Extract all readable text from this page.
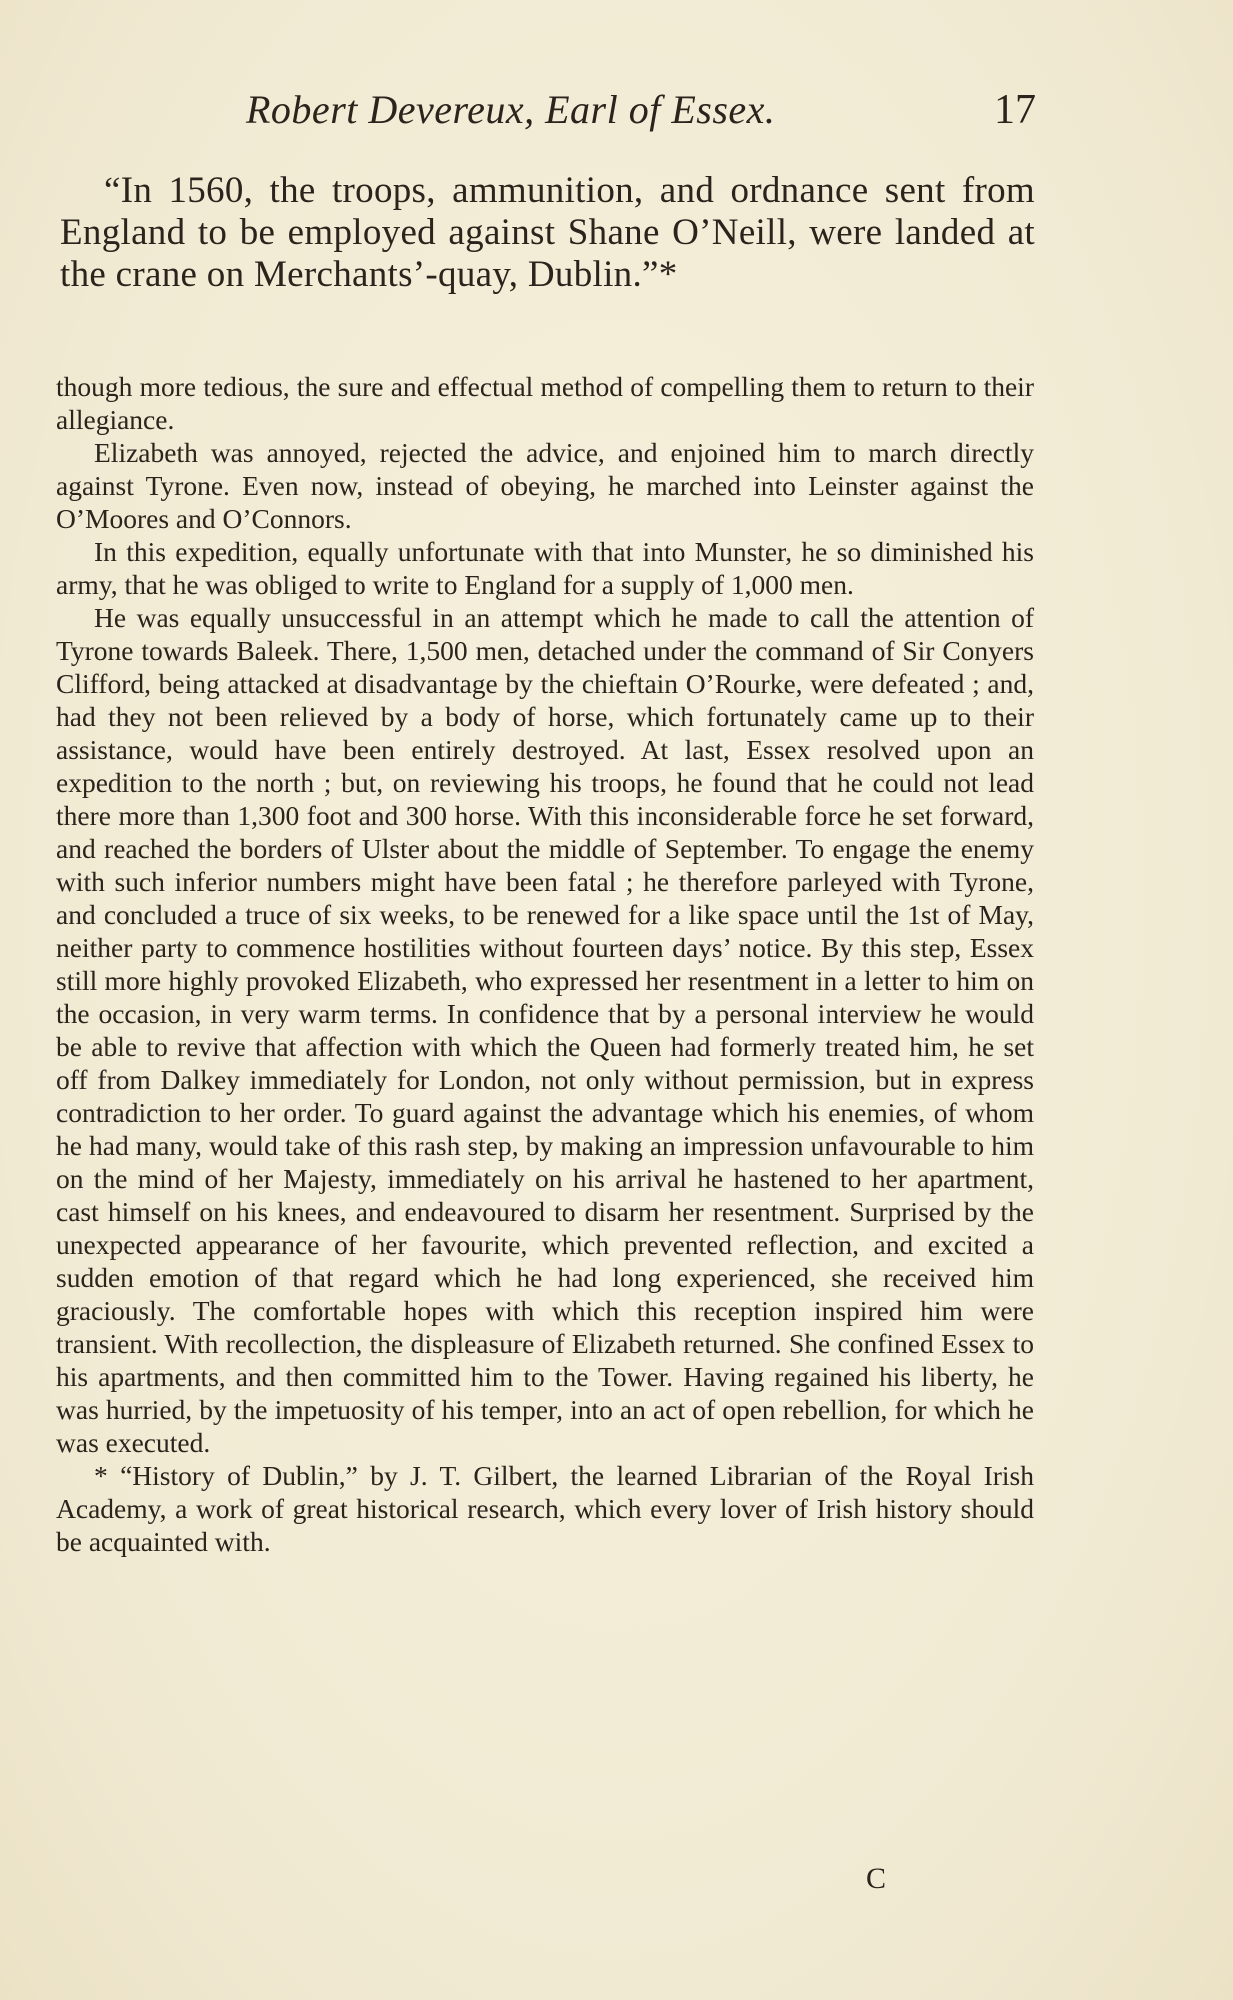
Robert Devereux, Earl of Essex.	17

“In 1560, the troops, ammunition, and ordnance sent from England to be employed against Shane O’Neill, were landed at the crane on Merchants’-quay, Dublin.”*

though more tedious, the sure and effectual method of compelling them to return to their allegiance.

Elizabeth was annoyed, rejected the advice, and enjoined him to march directly against Tyrone. Even now, instead of obeying, he marched into Leinster against the O’Moores and O’Connors.

In this expedition, equally unfortunate with that into Munster, he so diminished his army, that he was obliged to write to England for a supply of 1,000 men.

He was equally unsuccessful in an attempt which he made to call the attention of Tyrone towards Baleek. There, 1,500 men, detached under the command of Sir Conyers Clifford, being attacked at disadvantage by the chieftain O’Rourke, were defeated ; and, had they not been relieved by a body of horse, which fortunately came up to their assistance, would have been entirely destroyed. At last, Essex resolved upon an expedition to the north ; but, on reviewing his troops, he found that he could not lead there more than 1,300 foot and 300 horse. With this inconsiderable force he set forward, and reached the borders of Ulster about the middle of September. To engage the enemy with such inferior numbers might have been fatal ; he therefore parleyed with Tyrone, and concluded a truce of six weeks, to be renewed for a like space until the 1st of May, neither party to commence hostilities without fourteen days’ notice. By this step, Essex still more highly provoked Elizabeth, who expressed her resentment in a letter to him on the occasion, in very warm terms. In confidence that by a personal interview he would be able to revive that affection with which the Queen had formerly treated him, he set off from Dalkey immediately for London, not only without permission, but in express contradiction to her order. To guard against the advantage which his enemies, of whom he had many, would take of this rash step, by making an impression unfavourable to him on the mind of her Majesty, immediately on his arrival he hastened to her apartment, cast himself on his knees, and endeavoured to disarm her resentment. Surprised by the unexpected appearance of her favourite, which prevented reflection, and excited a sudden emotion of that regard which he had long experienced, she received him graciously. The comfortable hopes with which this reception inspired him were transient. With recollection, the displeasure of Elizabeth returned. She confined Essex to his apartments, and then committed him to the Tower. Having regained his liberty, he was hurried, by the impetuosity of his temper, into an act of open rebellion, for which he was executed.

* “History of Dublin,” by J. T. Gilbert, the learned Librarian of the Royal Irish Academy, a work of great historical research, which every lover of Irish history should be acquainted with.

C
